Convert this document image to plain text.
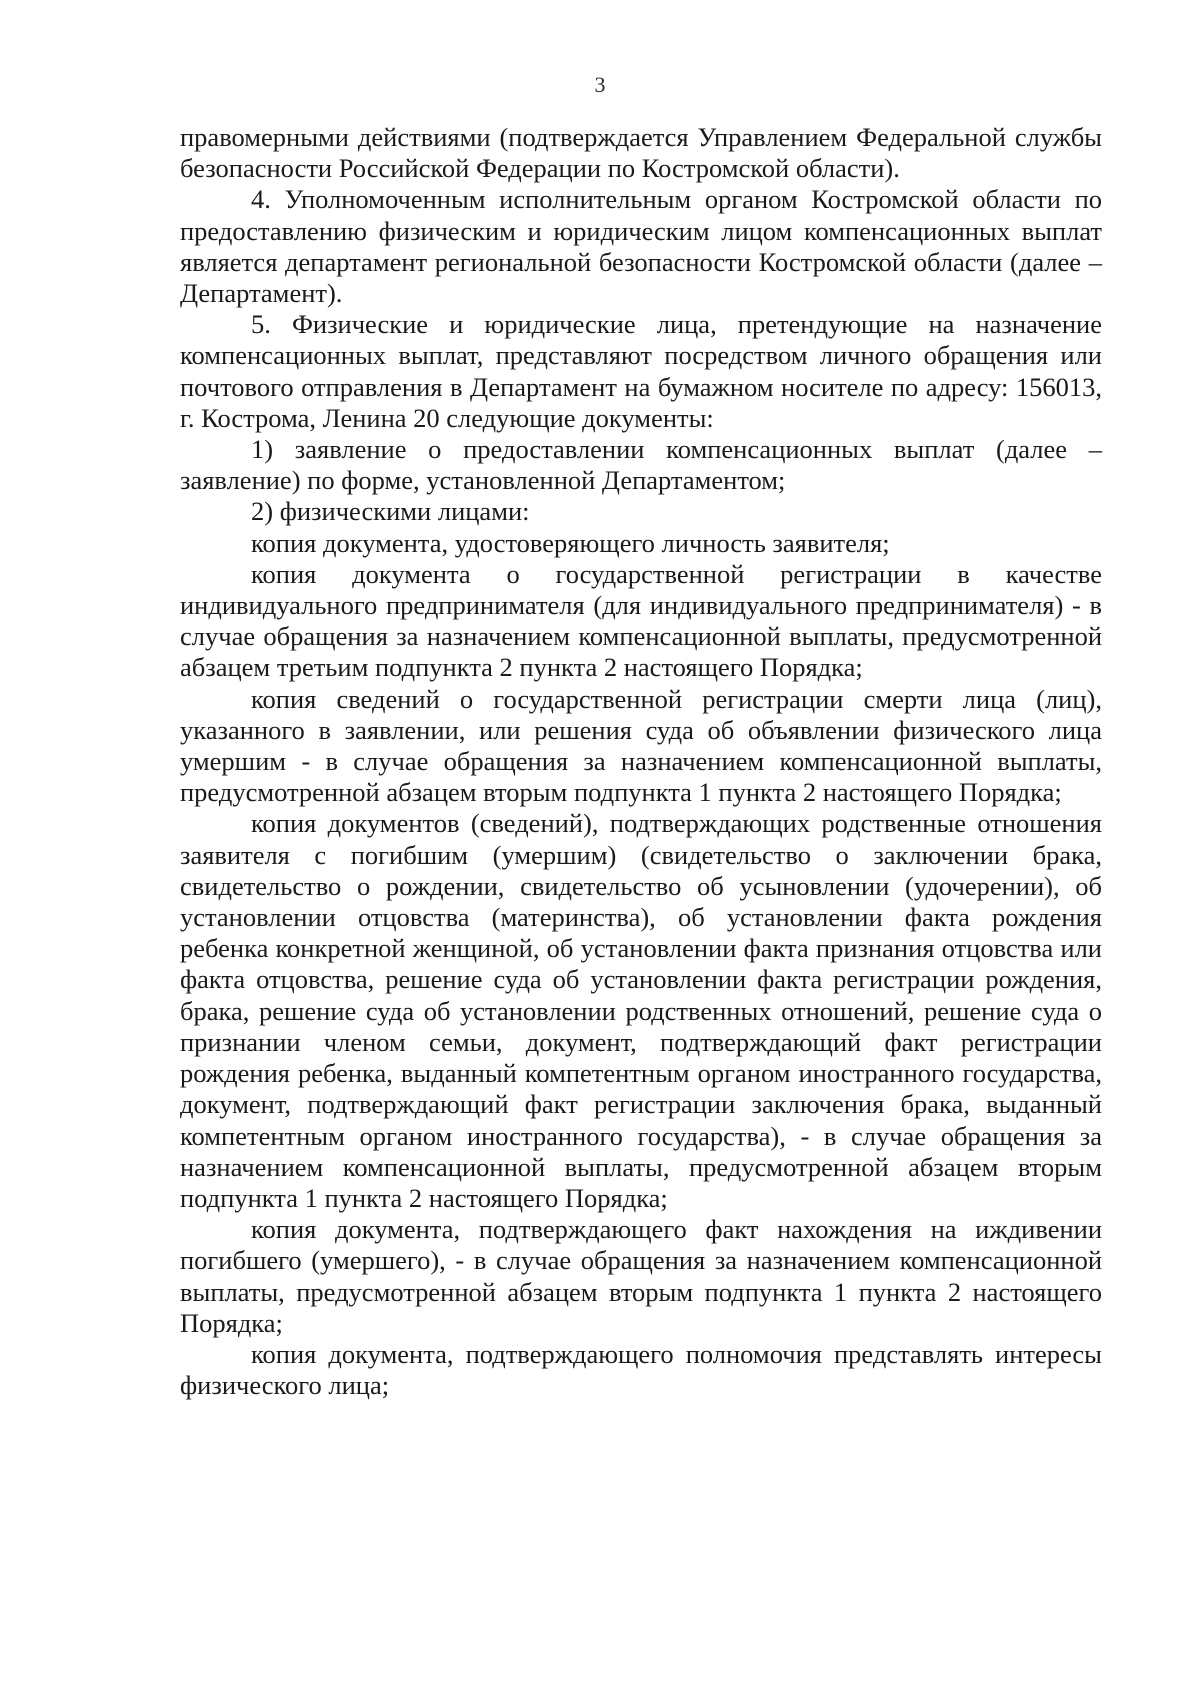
3

правомерными действиями (подтверждается Управлением Федеральной службы безопасности Российской Федерации по Костромской области).

4. Уполномоченным исполнительным органом Костромской области по предоставлению физическим и юридическим лицом компенсационных выплат является департамент региональной безопасности Костромской области (далее – Департамент).

5. Физические и юридические лица, претендующие на назначение компенсационных выплат, представляют посредством личного обращения или почтового отправления в Департамент на бумажном носителе по адресу: 156013, г. Кострома, Ленина 20 следующие документы:

1) заявление о предоставлении компенсационных выплат (далее – заявление) по форме, установленной Департаментом;

2) физическими лицами:

копия документа, удостоверяющего личность заявителя;

копия документа о государственной регистрации в качестве индивидуального предпринимателя (для индивидуального предпринимателя) - в случае обращения за назначением компенсационной выплаты, предусмотренной абзацем третьим подпункта 2 пункта 2 настоящего Порядка;

копия сведений о государственной регистрации смерти лица (лиц), указанного в заявлении, или решения суда об объявлении физического лица умершим - в случае обращения за назначением компенсационной выплаты, предусмотренной абзацем вторым подпункта 1 пункта 2 настоящего Порядка;

копия документов (сведений), подтверждающих родственные отношения заявителя с погибшим (умершим) (свидетельство о заключении брака, свидетельство о рождении, свидетельство об усыновлении (удочерении), об установлении отцовства (материнства), об установлении факта рождения ребенка конкретной женщиной, об установлении факта признания отцовства или факта отцовства, решение суда об установлении факта регистрации рождения, брака, решение суда об установлении родственных отношений, решение суда о признании членом семьи, документ, подтверждающий факт регистрации рождения ребенка, выданный компетентным органом иностранного государства, документ, подтверждающий факт регистрации заключения брака, выданный компетентным органом иностранного государства), - в случае обращения за назначением компенсационной выплаты, предусмотренной абзацем вторым подпункта 1 пункта 2 настоящего Порядка;

копия документа, подтверждающего факт нахождения на иждивении погибшего (умершего), - в случае обращения за назначением компенсационной выплаты, предусмотренной абзацем вторым подпункта 1 пункта 2 настоящего Порядка;

копия документа, подтверждающего полномочия представлять интересы физического лица;
